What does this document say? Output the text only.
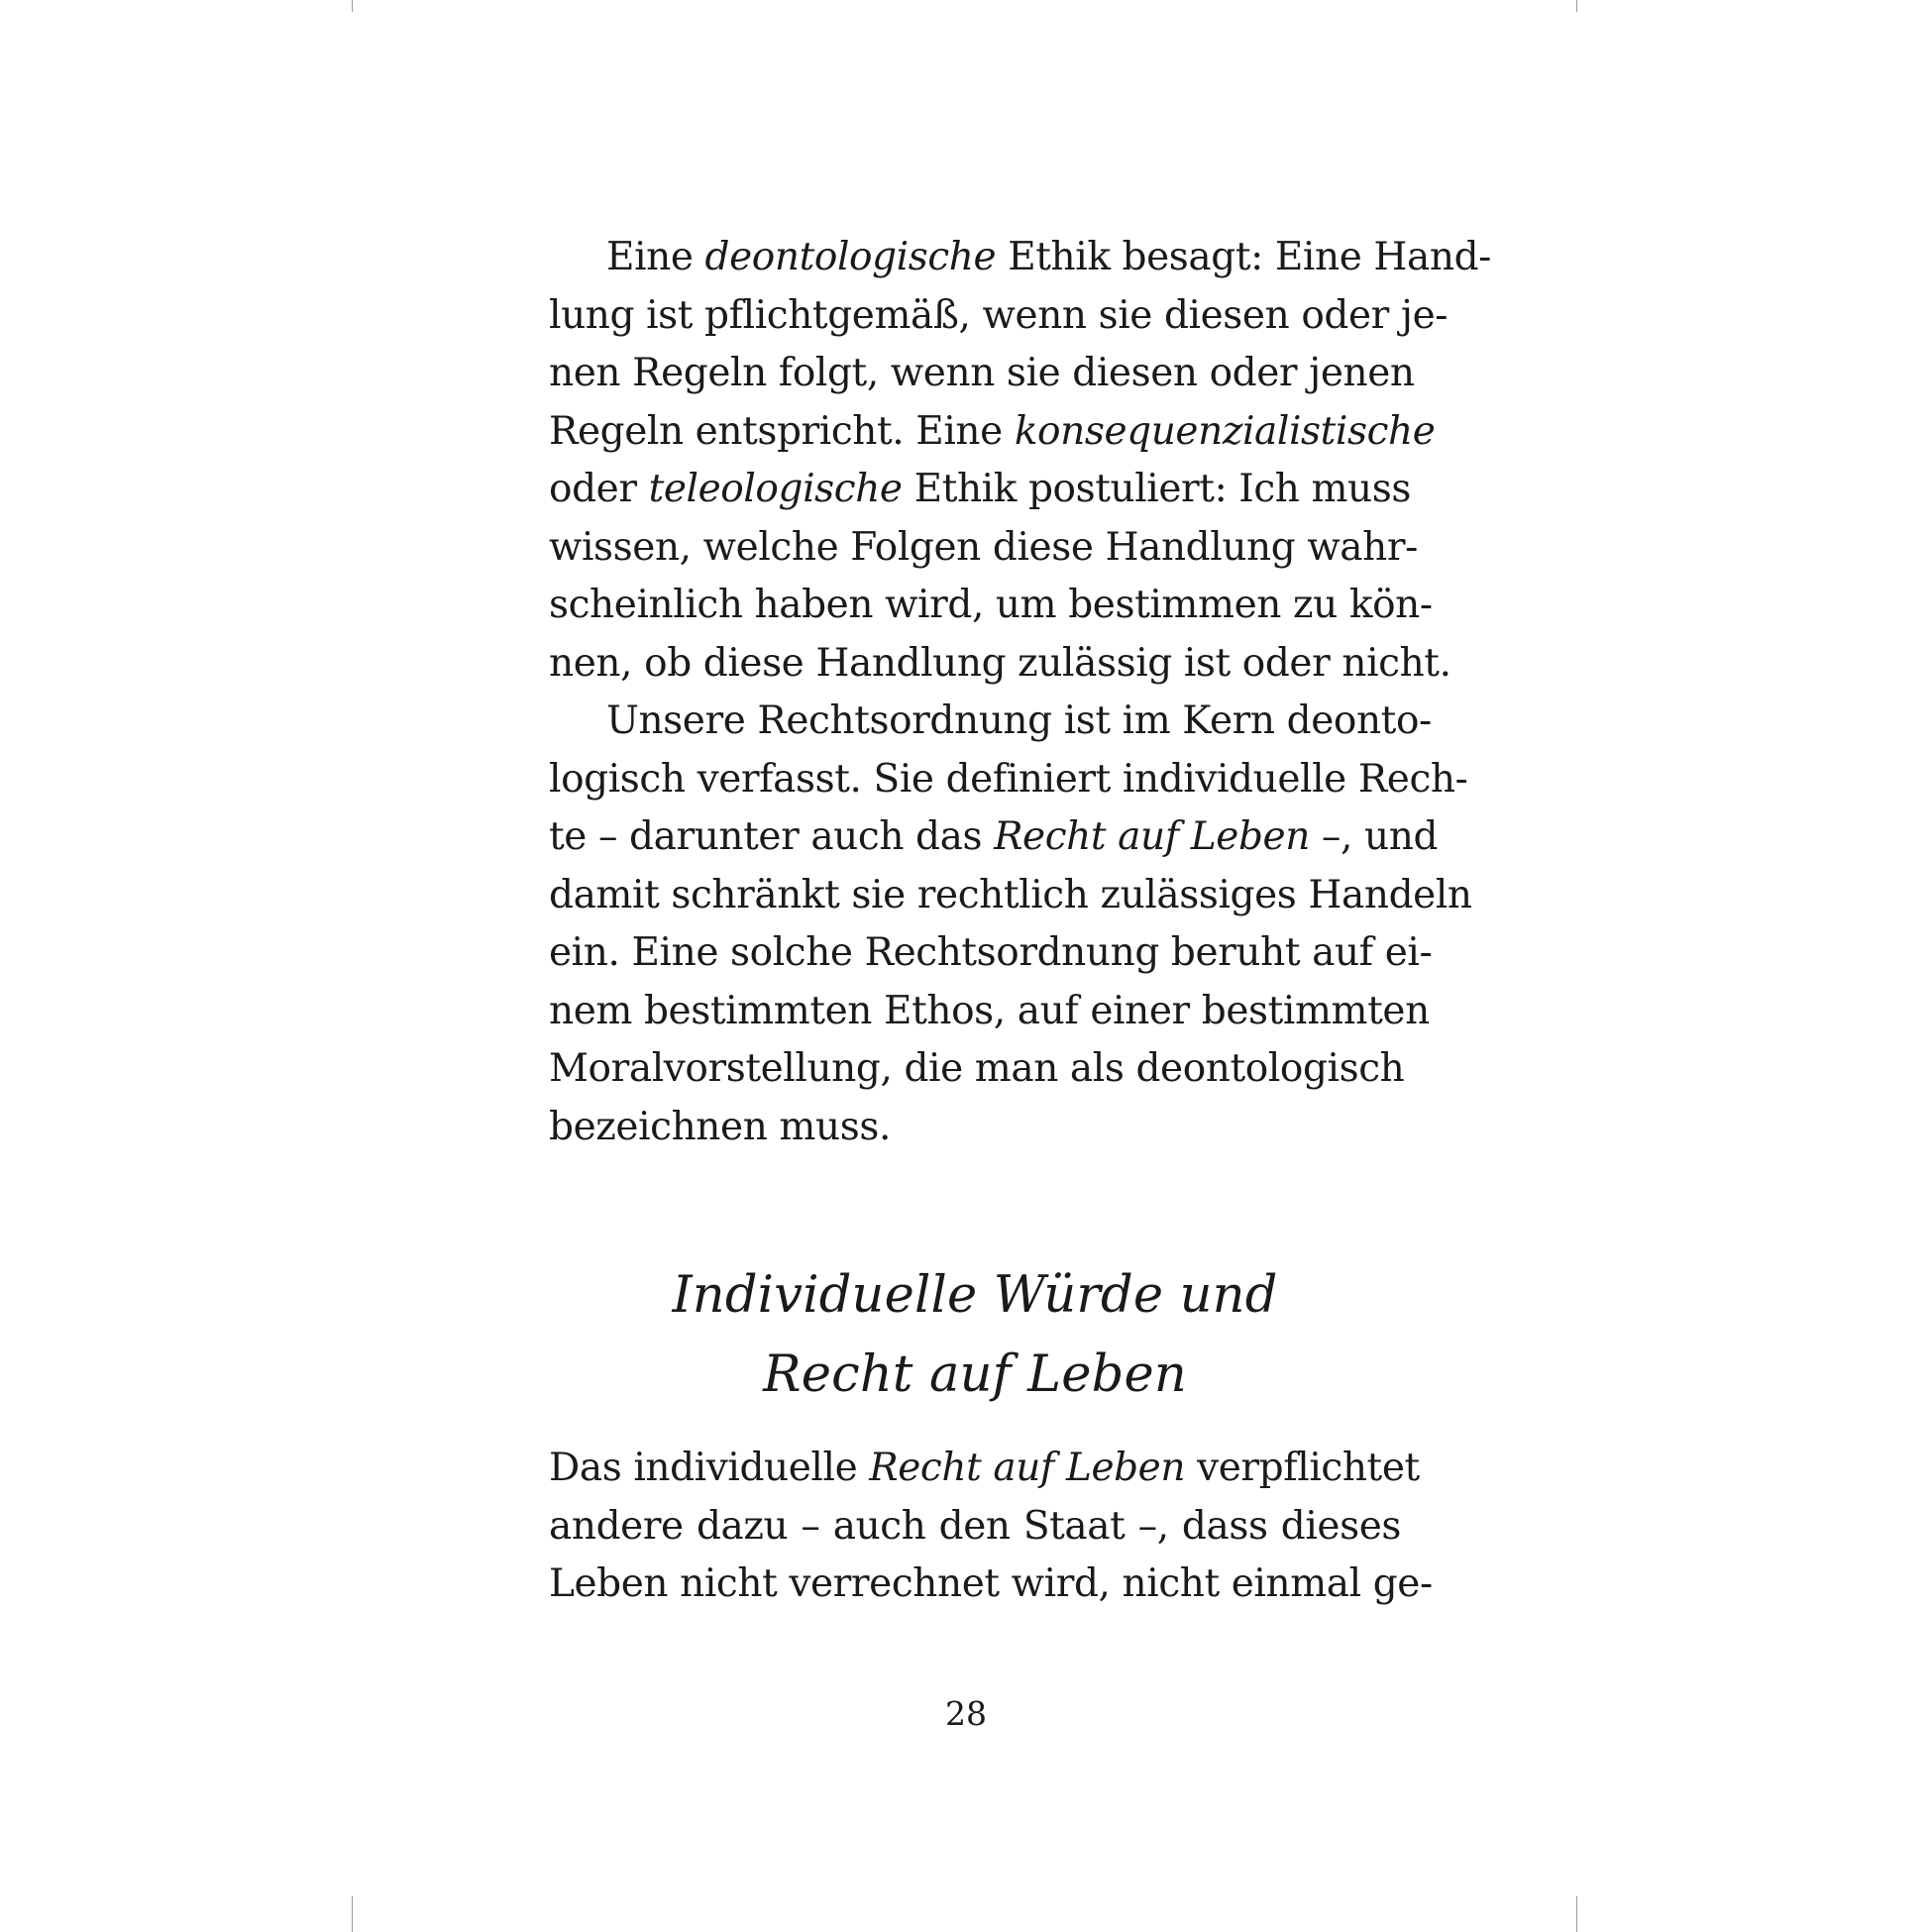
Eine deontologische Ethik besagt: Eine Hand-
lung ist pflichtgemäß, wenn sie diesen oder je-
nen Regeln folgt, wenn sie diesen oder jenen
Regeln entspricht. Eine konsequenzialistische
oder teleologische Ethik postuliert: Ich muss
wissen, welche Folgen diese Handlung wahr-
scheinlich haben wird, um bestimmen zu kön-
nen, ob diese Handlung zulässig ist oder nicht.

Unsere Rechtsordnung ist im Kern deonto-
logisch verfasst. Sie definiert individuelle Rech-
te – darunter auch das Recht auf Leben –, und
damit schränkt sie rechtlich zulässiges Handeln
ein. Eine solche Rechtsordnung beruht auf ei-
nem bestimmten Ethos, auf einer bestimmten
Moralvorstellung, die man als deontologisch
bezeichnen muss.

Individuelle Würde und
Recht auf Leben

Das individuelle Recht auf Leben verpflichtet
andere dazu – auch den Staat –, dass dieses
Leben nicht verrechnet wird, nicht einmal ge-

28
